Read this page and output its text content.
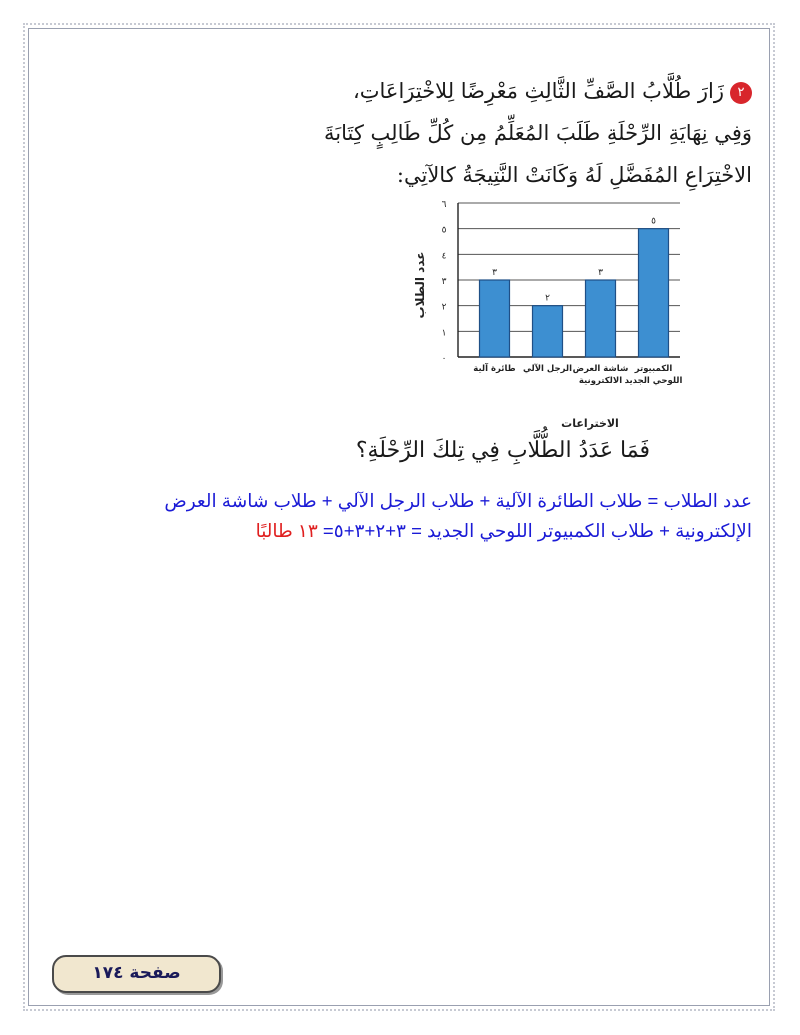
٢زَارَ طُلَّابُ الصَّفِّ الثَّالِثِ مَعْرِضًا لِلاخْتِرَاعَاتِ،
وَفِي نِهَايَةِ الرِّحْلَةِ طَلَبَ المُعَلِّمُ مِن كُلِّ طَالِبٍ كِتَابَةَ
الاخْتِرَاعِ المُفَضَّلِ لَهُ وَكَانَتْ النَّتِيجَةُ كالآتِي:
٠
١
٢
٣
٤
٥
٦
٣
طائرة آلية
٢
الرجل الآلي
٣
شاشة العرض
الالكترونية
٥
الكمبيوتر
اللوحي الجديد
الاختراعات
عدد الطلاب
فَمَا عَدَدُ الطُّلَّابِ فِي تِلكَ الرِّحْلَةِ؟
عدد الطلاب = طلاب الطائرة الآلية + طلاب الرجل الآلي + طلاب شاشة العرض
الإلكترونية + طلاب الكمبيوتر اللوحي الجديد = ٣+٢+٣+٥= ١٣ طالبًا
صفحة ١٧٤
